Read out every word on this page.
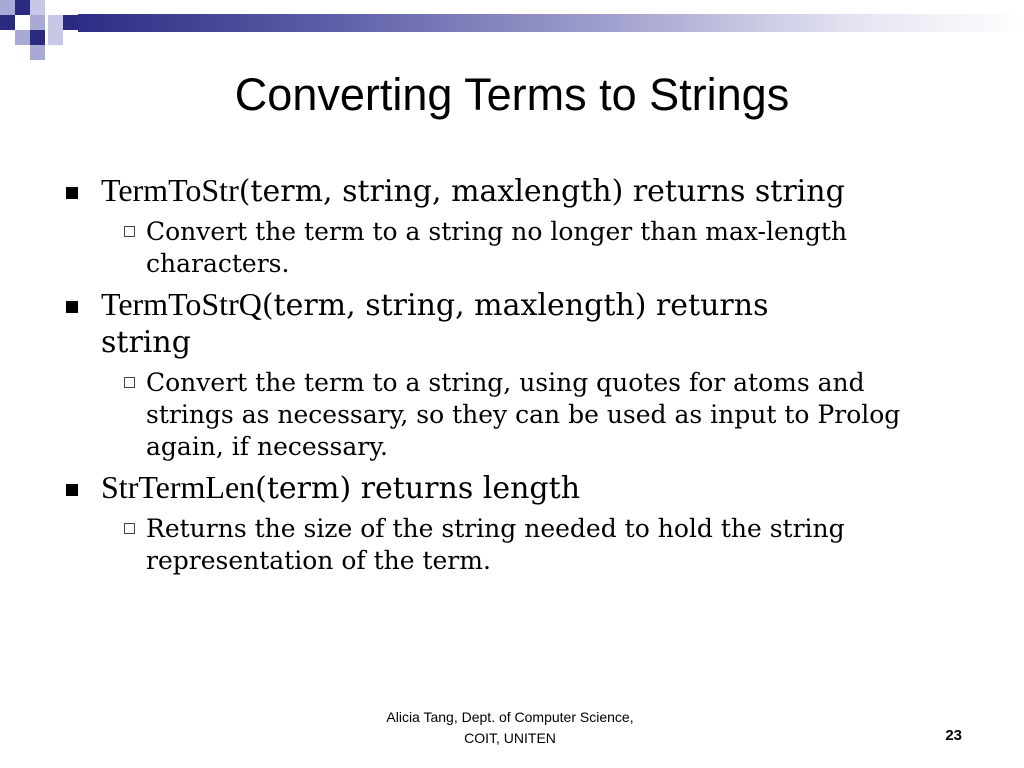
Converting Terms to Strings
TermToStr(term, string, maxlength) returns string
Convert the term to a string no longer than max-length characters.
TermToStrQ(term, string, maxlength) returns string
Convert the term to a string, using quotes for atoms and strings as necessary, so they can be used as input to Prolog again, if necessary.
StrTermLen(term) returns length
Returns the size of the string needed to hold the string representation of the term.
Alicia Tang, Dept. of Computer Science,
COIT, UNITEN	23
